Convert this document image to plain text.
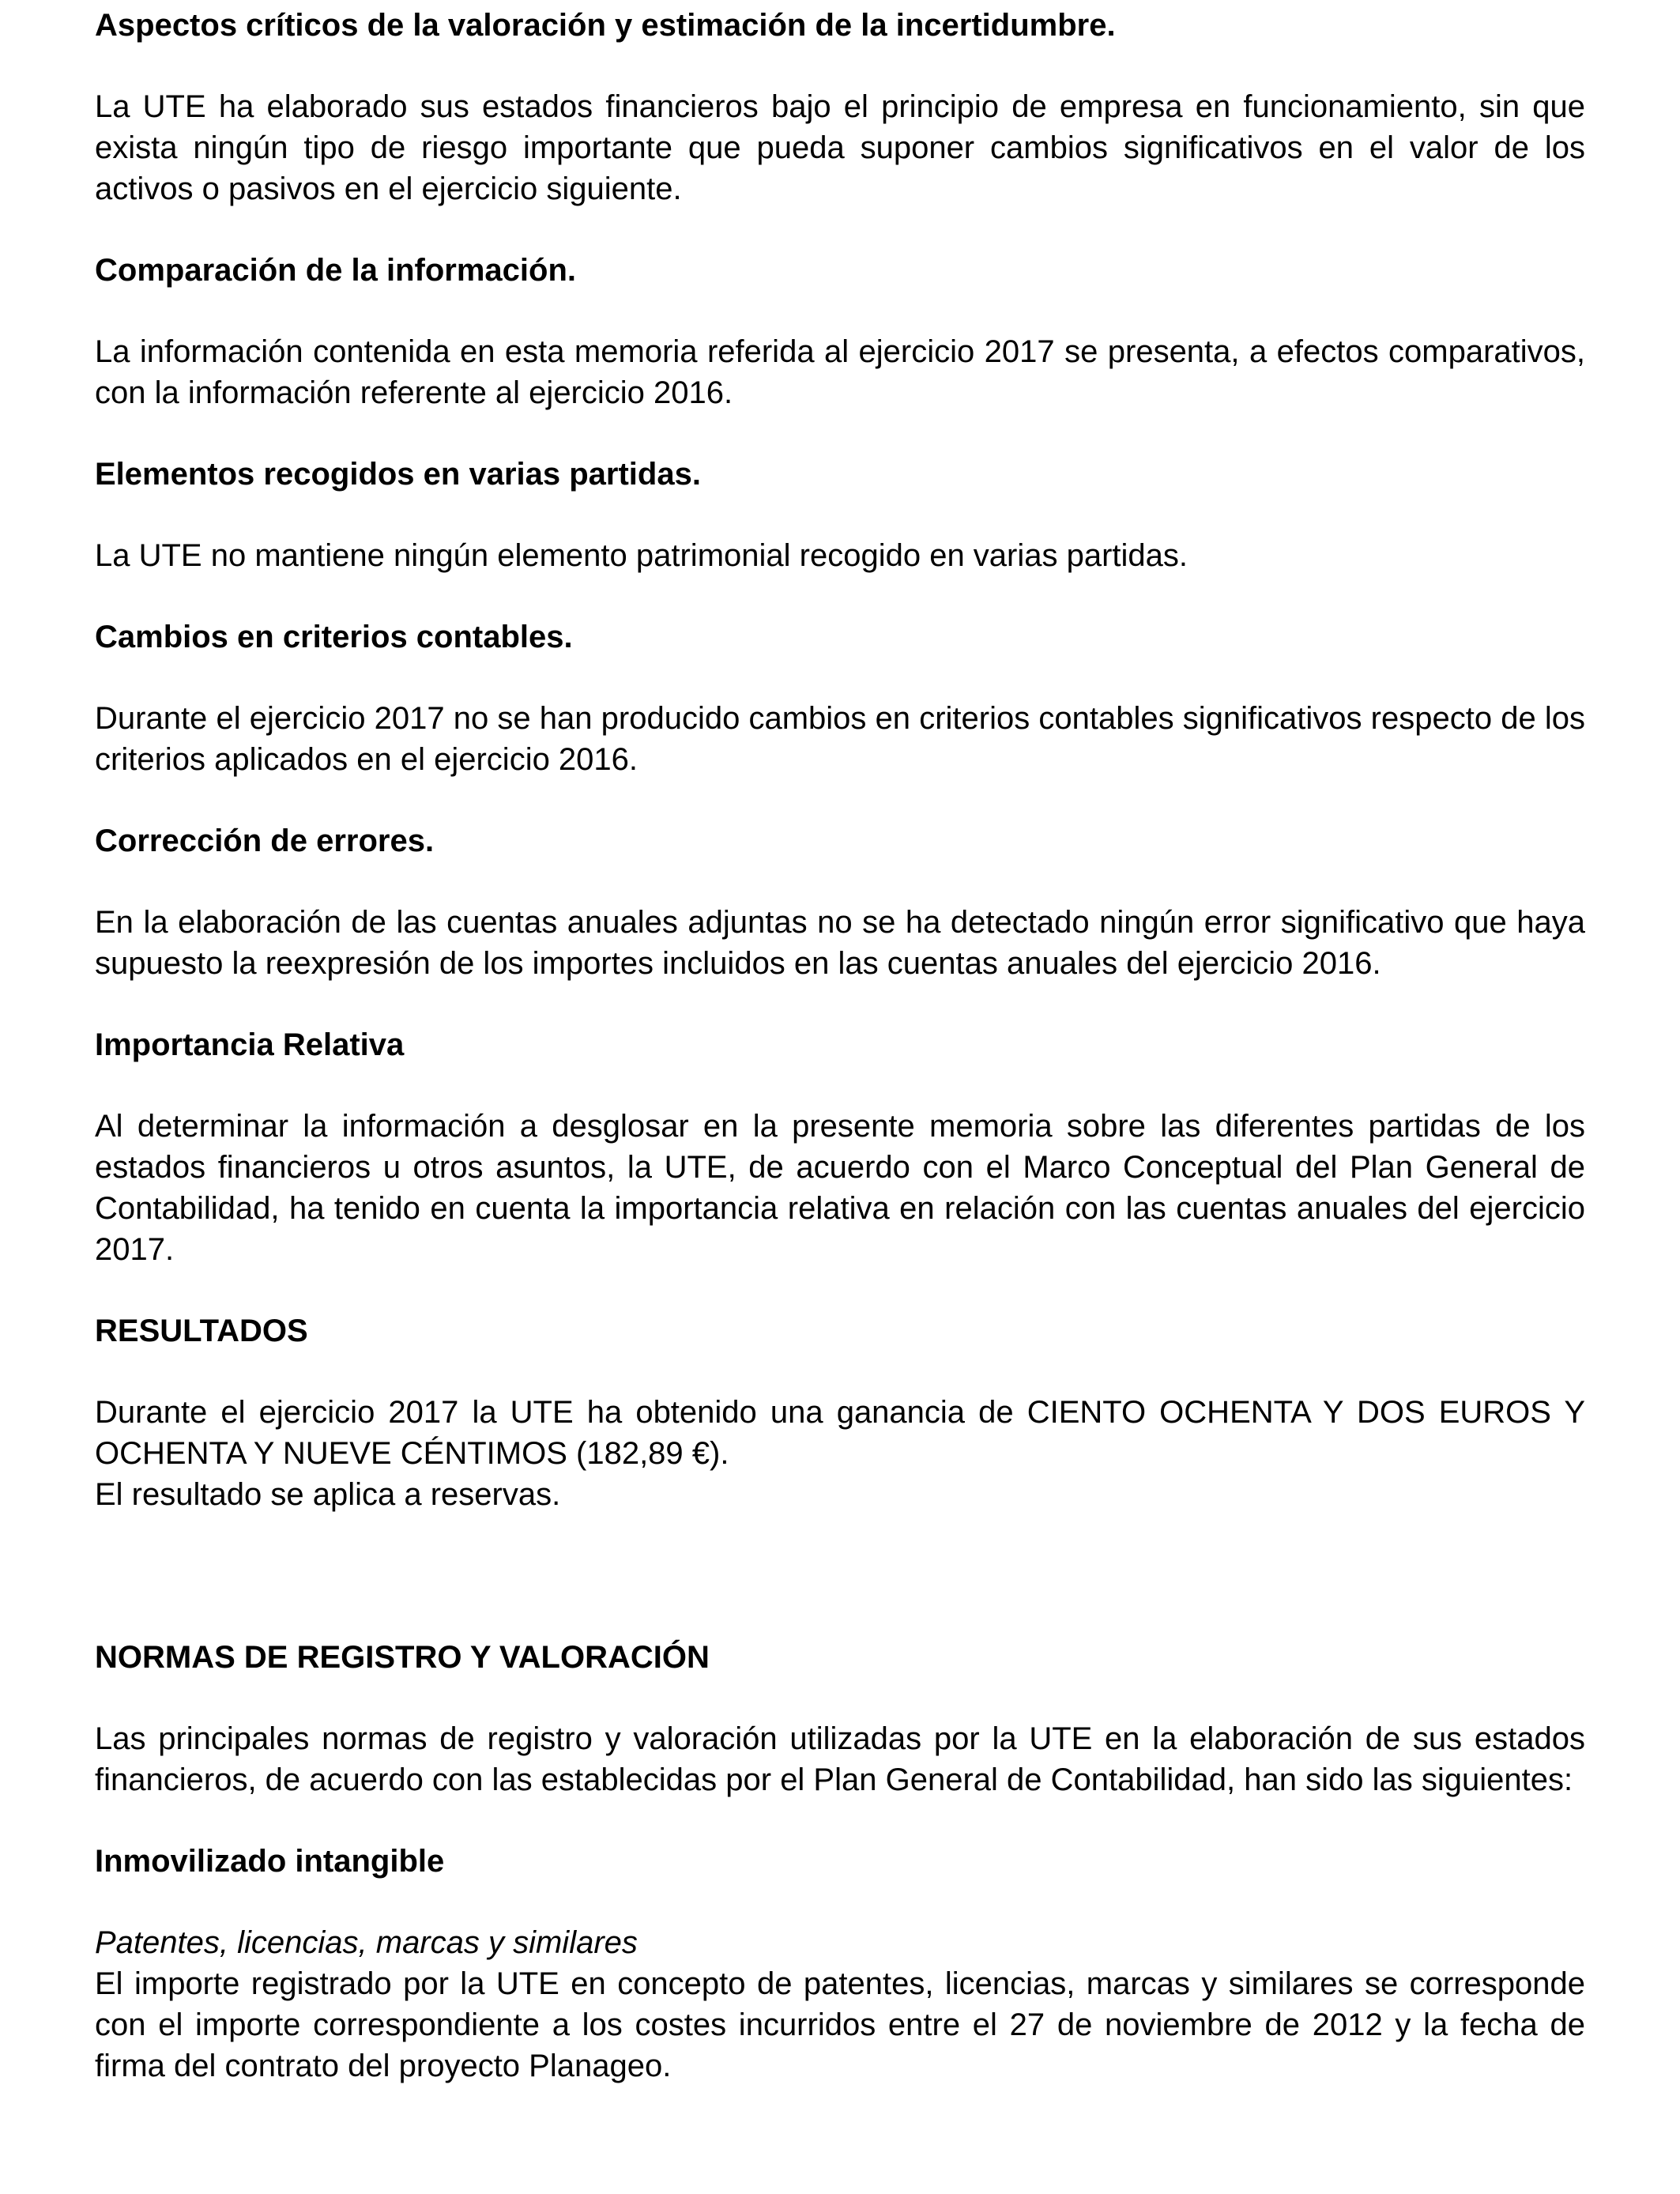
Aspectos críticos de la valoración y estimación de la incertidumbre.

La UTE ha elaborado sus estados financieros bajo el principio de empresa en funcionamiento, sin que exista ningún tipo de riesgo importante que pueda suponer cambios significativos en el valor de los activos o pasivos en el ejercicio siguiente.

Comparación de la información.

La información contenida en esta memoria referida al ejercicio 2017 se presenta, a efectos comparativos, con la información referente al ejercicio 2016.

Elementos recogidos en varias partidas.

La UTE no mantiene ningún elemento patrimonial recogido en varias partidas.

Cambios en criterios contables.

Durante el ejercicio 2017 no se han producido cambios en criterios contables significativos respecto de los criterios aplicados en el ejercicio 2016.

Corrección de errores.

En la elaboración de las cuentas anuales adjuntas no se ha detectado ningún error significativo que haya supuesto la reexpresión de los importes incluidos en las cuentas anuales del ejercicio 2016.

Importancia Relativa

Al determinar la información a desglosar en la presente memoria sobre las diferentes partidas de los estados financieros u otros asuntos, la UTE, de acuerdo con el Marco Conceptual del Plan General de Contabilidad, ha tenido en cuenta la importancia relativa en relación con las cuentas anuales del ejercicio 2017.

RESULTADOS

Durante el ejercicio 2017 la UTE ha obtenido una ganancia de CIENTO OCHENTA Y DOS EUROS Y OCHENTA Y NUEVE CÉNTIMOS (182,89 €).

El resultado se aplica a reservas.

NORMAS DE REGISTRO Y VALORACIÓN

Las principales normas de registro y valoración utilizadas por la UTE en la elaboración de sus estados financieros, de acuerdo con las establecidas por el Plan General de Contabilidad, han sido las siguientes:

Inmovilizado intangible

Patentes, licencias, marcas y similares

El importe registrado por la UTE en concepto de patentes, licencias, marcas y similares se corresponde con el importe correspondiente a los costes incurridos entre el 27 de noviembre de 2012 y la fecha de firma del contrato del proyecto Planageo.
